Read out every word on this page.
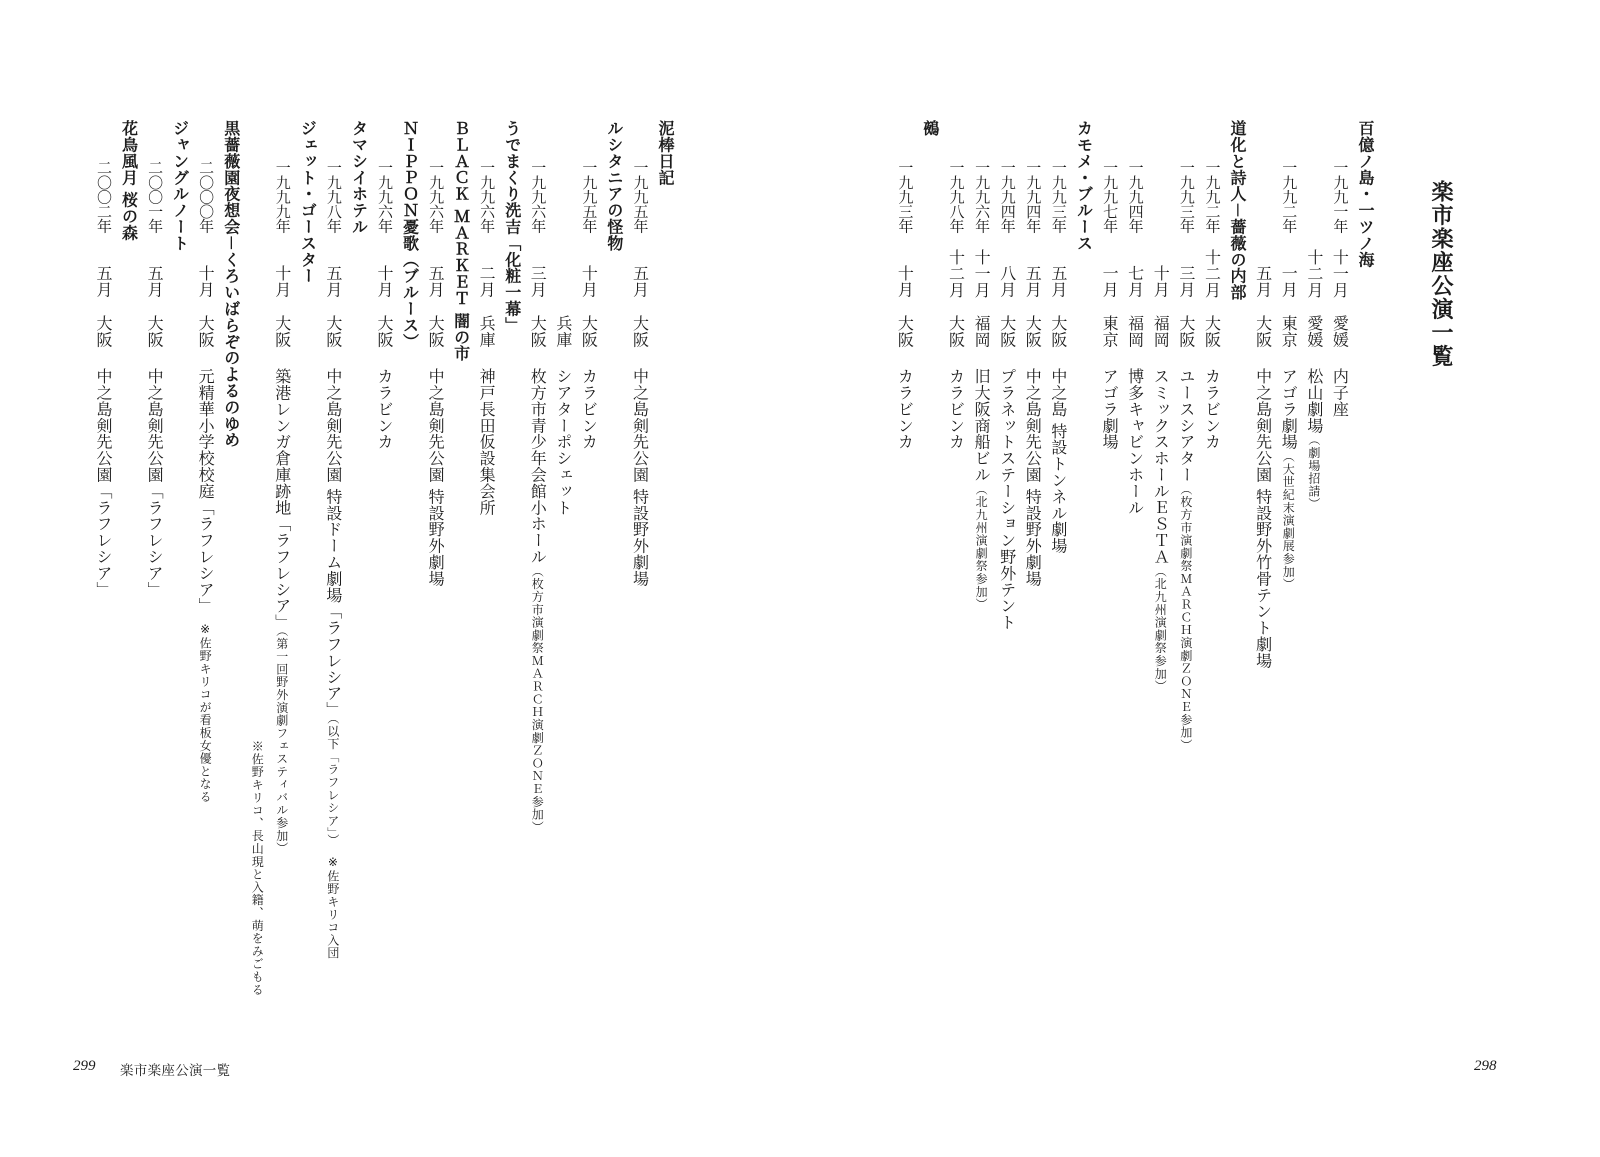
泥棒日記
一九九五年
五月
大阪
中之島剣先公園 特設野外劇場
ルシタニアの怪物
一九九五年
十月
大阪
カラビンカ
兵庫
シアターポシェット
一九九六年
三月
大阪
枚方市青少年会館小ホール（枚方市演劇祭ＭＡＲＣＨ演劇ＺＯＮＥ参加）
うでまくり洗吉「化粧一幕」
一九九六年
二月
兵庫
神戸長田仮設集会所
ＢＬＡＣＫ ＭＡＲＫＥＴ 闇の市
一九九六年
五月
大阪
中之島剣先公園 特設野外劇場
ＮＩＰＰＯＮ憂歌（ブルース）
一九九六年
十月
大阪
カラビンカ
タマシイホテル
一九九八年
五月
大阪
中之島剣先公園 特設ドーム劇場「ラフレシア」（以下「ラフレシア」）※佐野キリコ入団
ジェット・ゴースター
一九九九年
十月
大阪
築港レンガ倉庫跡地「ラフレシア」（第一回野外演劇フェスティバル参加）
※佐野キリコ、長山現と入籍、萌をみごもる
黒薔薇園夜想会－くろいばらぞのよるのゆめ
二〇〇〇年
十月
大阪
元精華小学校校庭「ラフレシア」※佐野キリコが看板女優となる
ジャングルノート
二〇〇一年
五月
大阪
中之島剣先公園「ラフレシア」
花鳥風月 桜の森
二〇〇二年
五月
大阪
中之島剣先公園「ラフレシア」
299 楽市楽座公演一覧
楽市楽座公演一覧
百億ノ島・一ツノ海
一九九一年
十一月
愛媛
内子座
十二月
愛媛
松山劇場（劇場招請）
一九九二年
一月
東京
アゴラ劇場（大世紀末演劇展参加）
五月
大阪
中之島剣先公園 特設野外竹骨テント劇場
道化と詩人－薔薇の内部
一九九二年
十二月
大阪
カラビンカ
一九九三年
三月
大阪
ユースシアター（枚方市演劇祭ＭＡＲＣＨ演劇ＺＯＮＥ参加）
十月
福岡
スミックスホールＥＳＴＡ（北九州演劇祭参加）
一九九四年
七月
福岡
博多キャビンホール
一九九七年
一月
東京
アゴラ劇場
カモメ・ブルース
一九九三年
五月
大阪
中之島 特設トンネル劇場
一九九四年
五月
大阪
中之島剣先公園 特設野外劇場
一九九四年
八月
大阪
プラネットステーション野外テント
一九九六年
十一月
福岡
旧大阪商船ビル（北九州演劇祭参加）
一九九八年
十二月
大阪
カラビンカ
鵺
一九九三年
十月
大阪
カラビンカ
298
